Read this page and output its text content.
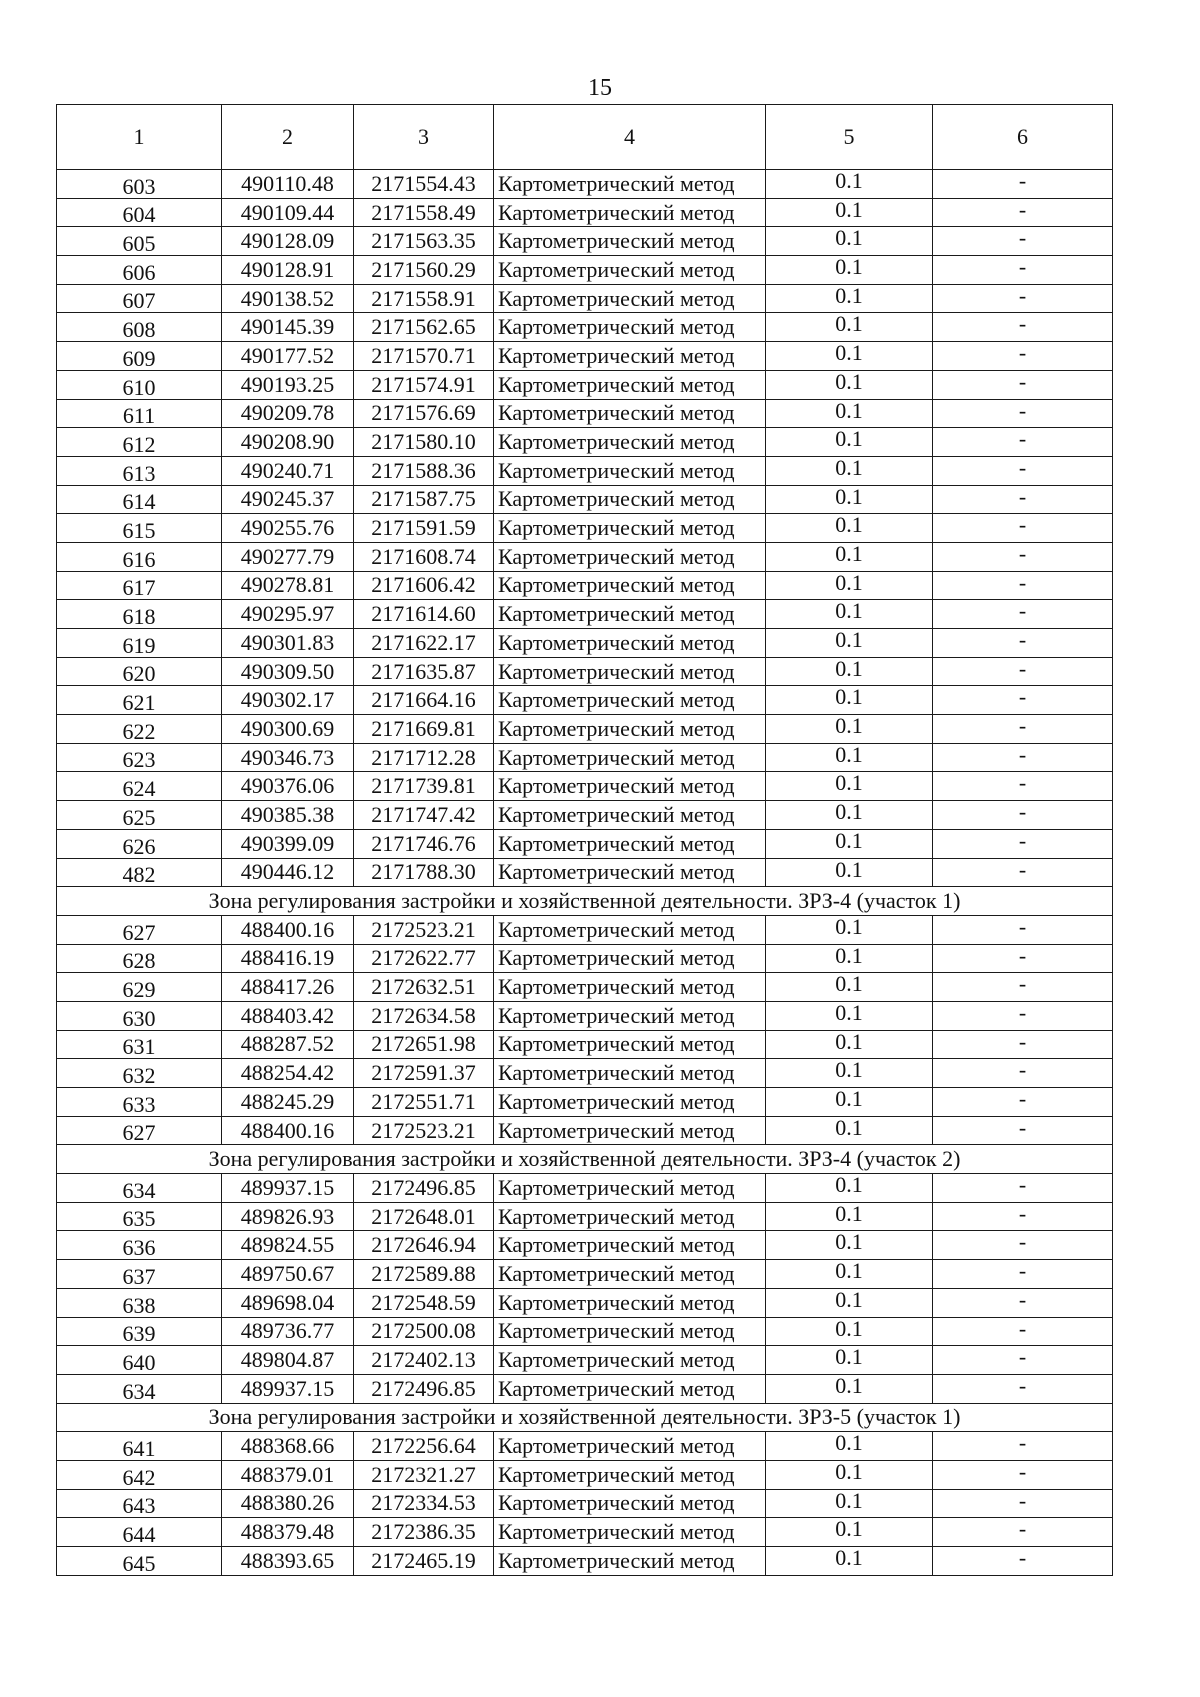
15
1	2	3	4	5	6
603	490110.48	2171554.43	Картометрический метод	0.1	-
604	490109.44	2171558.49	Картометрический метод	0.1	-
605	490128.09	2171563.35	Картометрический метод	0.1	-
606	490128.91	2171560.29	Картометрический метод	0.1	-
607	490138.52	2171558.91	Картометрический метод	0.1	-
608	490145.39	2171562.65	Картометрический метод	0.1	-
609	490177.52	2171570.71	Картометрический метод	0.1	-
610	490193.25	2171574.91	Картометрический метод	0.1	-
611	490209.78	2171576.69	Картометрический метод	0.1	-
612	490208.90	2171580.10	Картометрический метод	0.1	-
613	490240.71	2171588.36	Картометрический метод	0.1	-
614	490245.37	2171587.75	Картометрический метод	0.1	-
615	490255.76	2171591.59	Картометрический метод	0.1	-
616	490277.79	2171608.74	Картометрический метод	0.1	-
617	490278.81	2171606.42	Картометрический метод	0.1	-
618	490295.97	2171614.60	Картометрический метод	0.1	-
619	490301.83	2171622.17	Картометрический метод	0.1	-
620	490309.50	2171635.87	Картометрический метод	0.1	-
621	490302.17	2171664.16	Картометрический метод	0.1	-
622	490300.69	2171669.81	Картометрический метод	0.1	-
623	490346.73	2171712.28	Картометрический метод	0.1	-
624	490376.06	2171739.81	Картометрический метод	0.1	-
625	490385.38	2171747.42	Картометрический метод	0.1	-
626	490399.09	2171746.76	Картометрический метод	0.1	-
482	490446.12	2171788.30	Картометрический метод	0.1	-
Зона регулирования застройки и хозяйственной деятельности. ЗРЗ-4 (участок 1)					
627	488400.16	2172523.21	Картометрический метод	0.1	-
628	488416.19	2172622.77	Картометрический метод	0.1	-
629	488417.26	2172632.51	Картометрический метод	0.1	-
630	488403.42	2172634.58	Картометрический метод	0.1	-
631	488287.52	2172651.98	Картометрический метод	0.1	-
632	488254.42	2172591.37	Картометрический метод	0.1	-
633	488245.29	2172551.71	Картометрический метод	0.1	-
627	488400.16	2172523.21	Картометрический метод	0.1	-
Зона регулирования застройки и хозяйственной деятельности. ЗРЗ-4 (участок 2)					
634	489937.15	2172496.85	Картометрический метод	0.1	-
635	489826.93	2172648.01	Картометрический метод	0.1	-
636	489824.55	2172646.94	Картометрический метод	0.1	-
637	489750.67	2172589.88	Картометрический метод	0.1	-
638	489698.04	2172548.59	Картометрический метод	0.1	-
639	489736.77	2172500.08	Картометрический метод	0.1	-
640	489804.87	2172402.13	Картометрический метод	0.1	-
634	489937.15	2172496.85	Картометрический метод	0.1	-
Зона регулирования застройки и хозяйственной деятельности. ЗРЗ-5 (участок 1)					
641	488368.66	2172256.64	Картометрический метод	0.1	-
642	488379.01	2172321.27	Картометрический метод	0.1	-
643	488380.26	2172334.53	Картометрический метод	0.1	-
644	488379.48	2172386.35	Картометрический метод	0.1	-
645	488393.65	2172465.19	Картометрический метод	0.1	-
